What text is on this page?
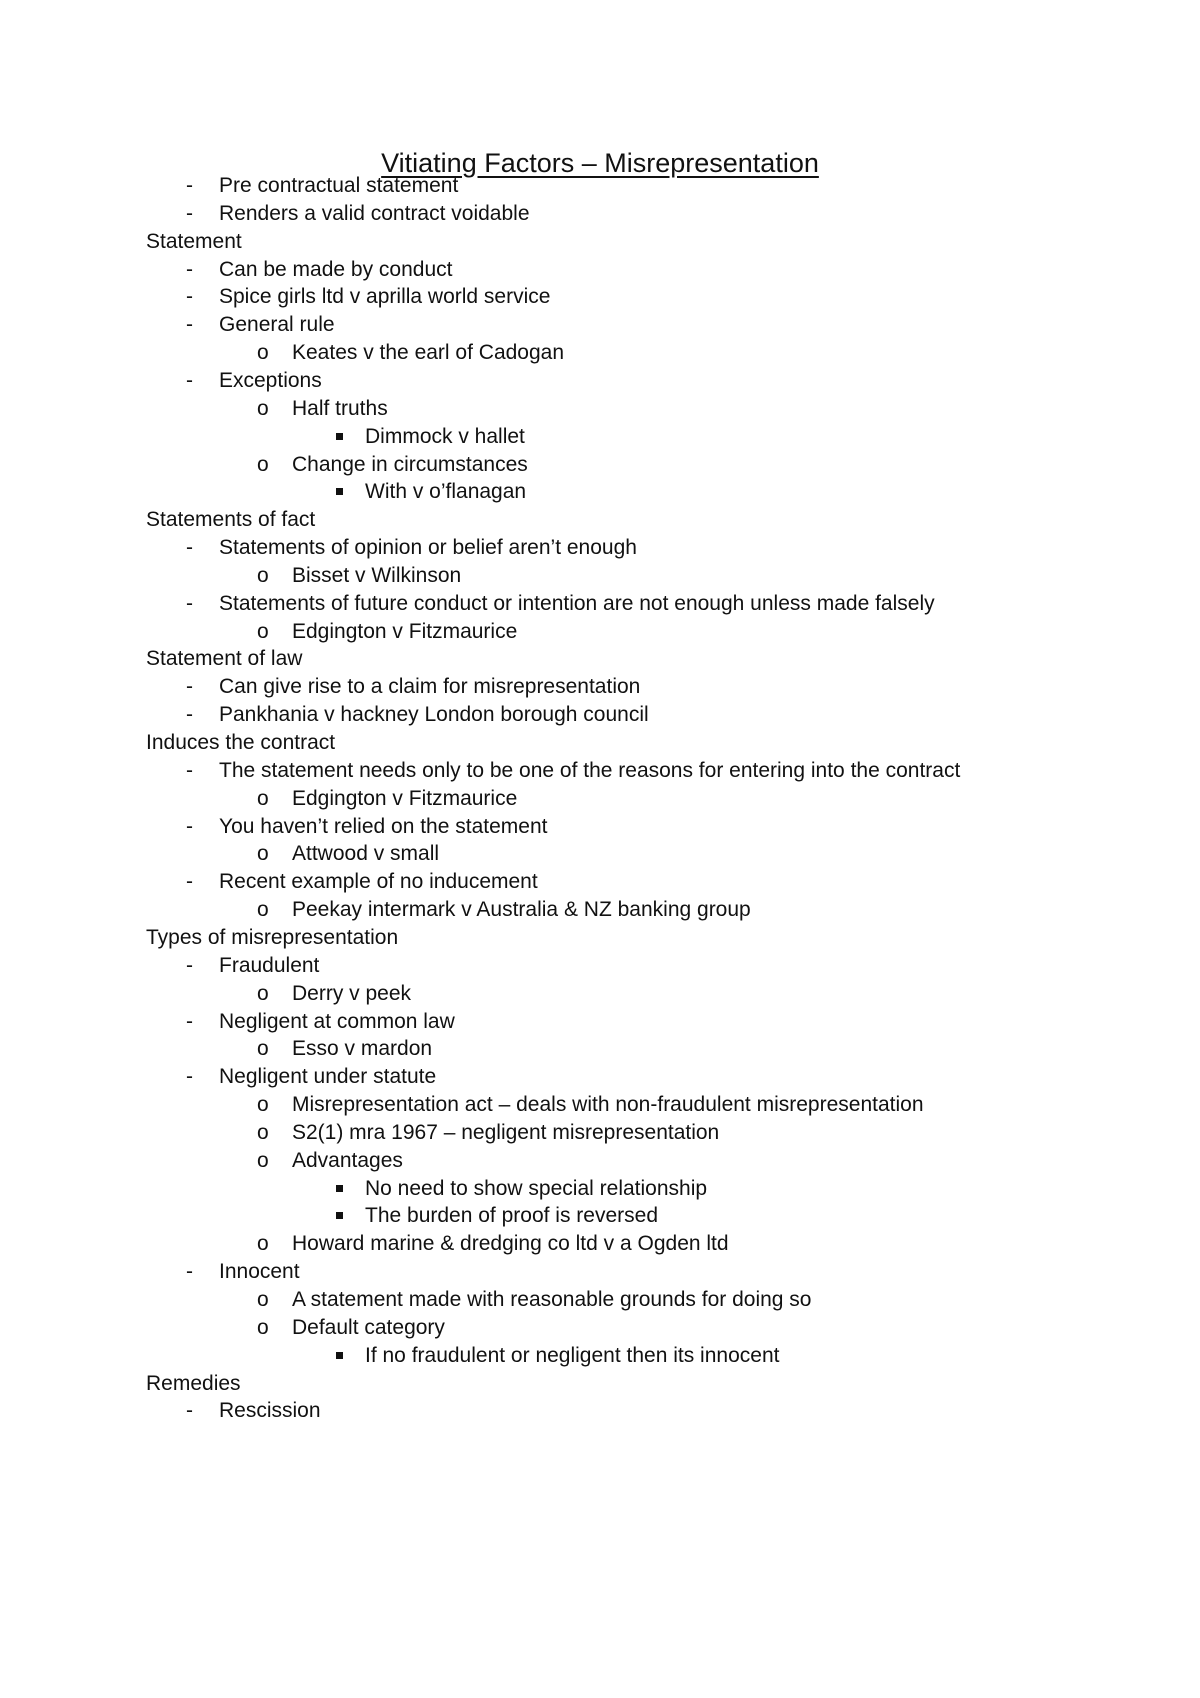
Vitiating Factors – Misrepresentation
- Pre contractual statement
- Renders a valid contract voidable
Statement
- Can be made by conduct
- Spice girls ltd v aprilla world service
- General rule
o Keates v the earl of Cadogan
- Exceptions
o Half truths
Dimmock v hallet
o Change in circumstances
With v o’flanagan
Statements of fact
- Statements of opinion or belief aren’t enough
o Bisset v Wilkinson
- Statements of future conduct or intention are not enough unless made falsely
o Edgington v Fitzmaurice
Statement of law
- Can give rise to a claim for misrepresentation
- Pankhania v hackney London borough council
Induces the contract
- The statement needs only to be one of the reasons for entering into the contract
o Edgington v Fitzmaurice
- You haven’t relied on the statement
o Attwood v small
- Recent example of no inducement
o Peekay intermark v Australia & NZ banking group
Types of misrepresentation
- Fraudulent
o Derry v peek
- Negligent at common law
o Esso v mardon
- Negligent under statute
o Misrepresentation act – deals with non-fraudulent misrepresentation
o S2(1) mra 1967 – negligent misrepresentation
o Advantages
No need to show special relationship
The burden of proof is reversed
o Howard marine & dredging co ltd v a Ogden ltd
- Innocent
o A statement made with reasonable grounds for doing so
o Default category
If no fraudulent or negligent then its innocent
Remedies
- Rescission
